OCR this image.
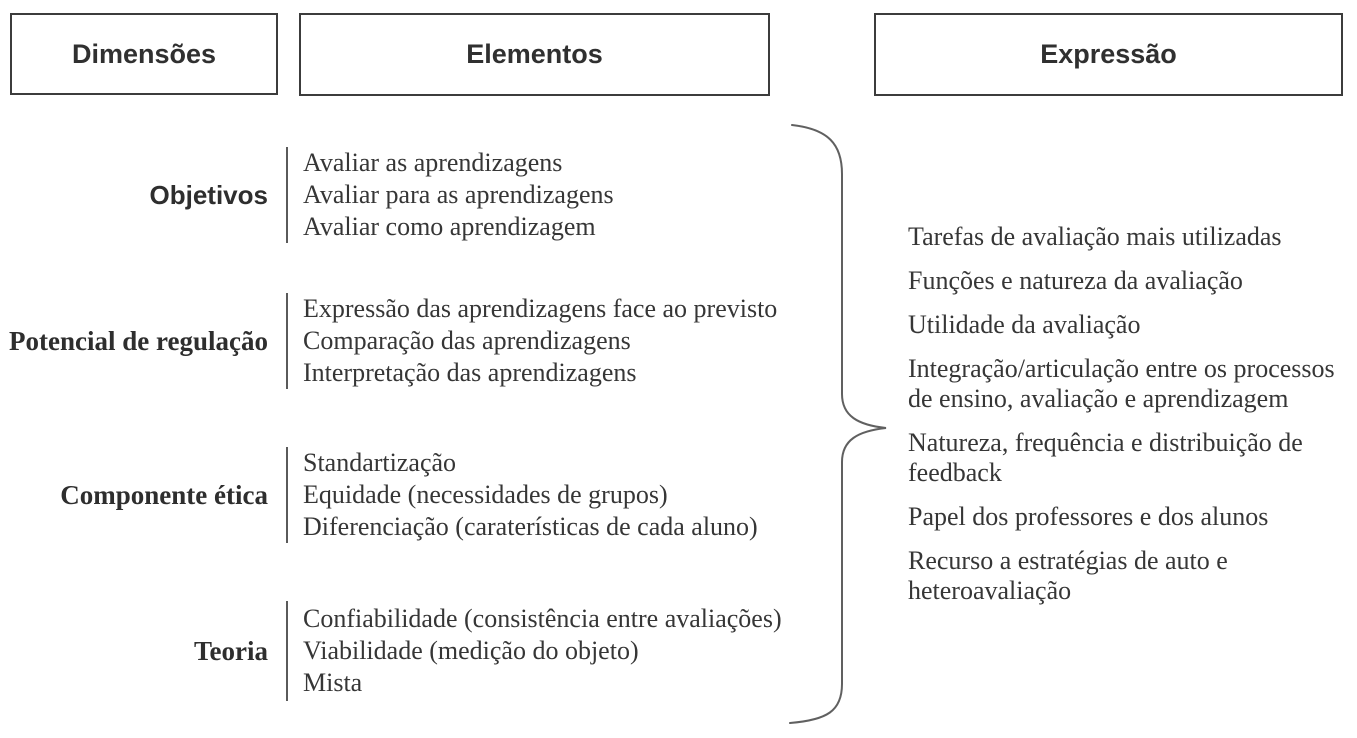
Dimensões	Elementos	Expressão
Objetivos
Avaliar as aprendizagens
Avaliar para as aprendizagens
Avaliar como aprendizagem
Potencial de regulação
Expressão das aprendizagens face ao previsto
Comparação das aprendizagens
Interpretação das aprendizagens
Componente ética
Standartização
Equidade (necessidades de grupos)
Diferenciação (caraterísticas de cada aluno)
Teoria
Confiabilidade (consistência entre avaliações)
Viabilidade (medição do objeto)
Mista

Tarefas de avaliação mais utilizadas

Funções e natureza da avaliação

Utilidade da avaliação

Integração/articulação entre os processos de ensino, avaliação e aprendizagem

Natureza, frequência e distribuição de feedback

Papel dos professores e dos alunos

Recurso a estratégias de auto e heteroavaliação
